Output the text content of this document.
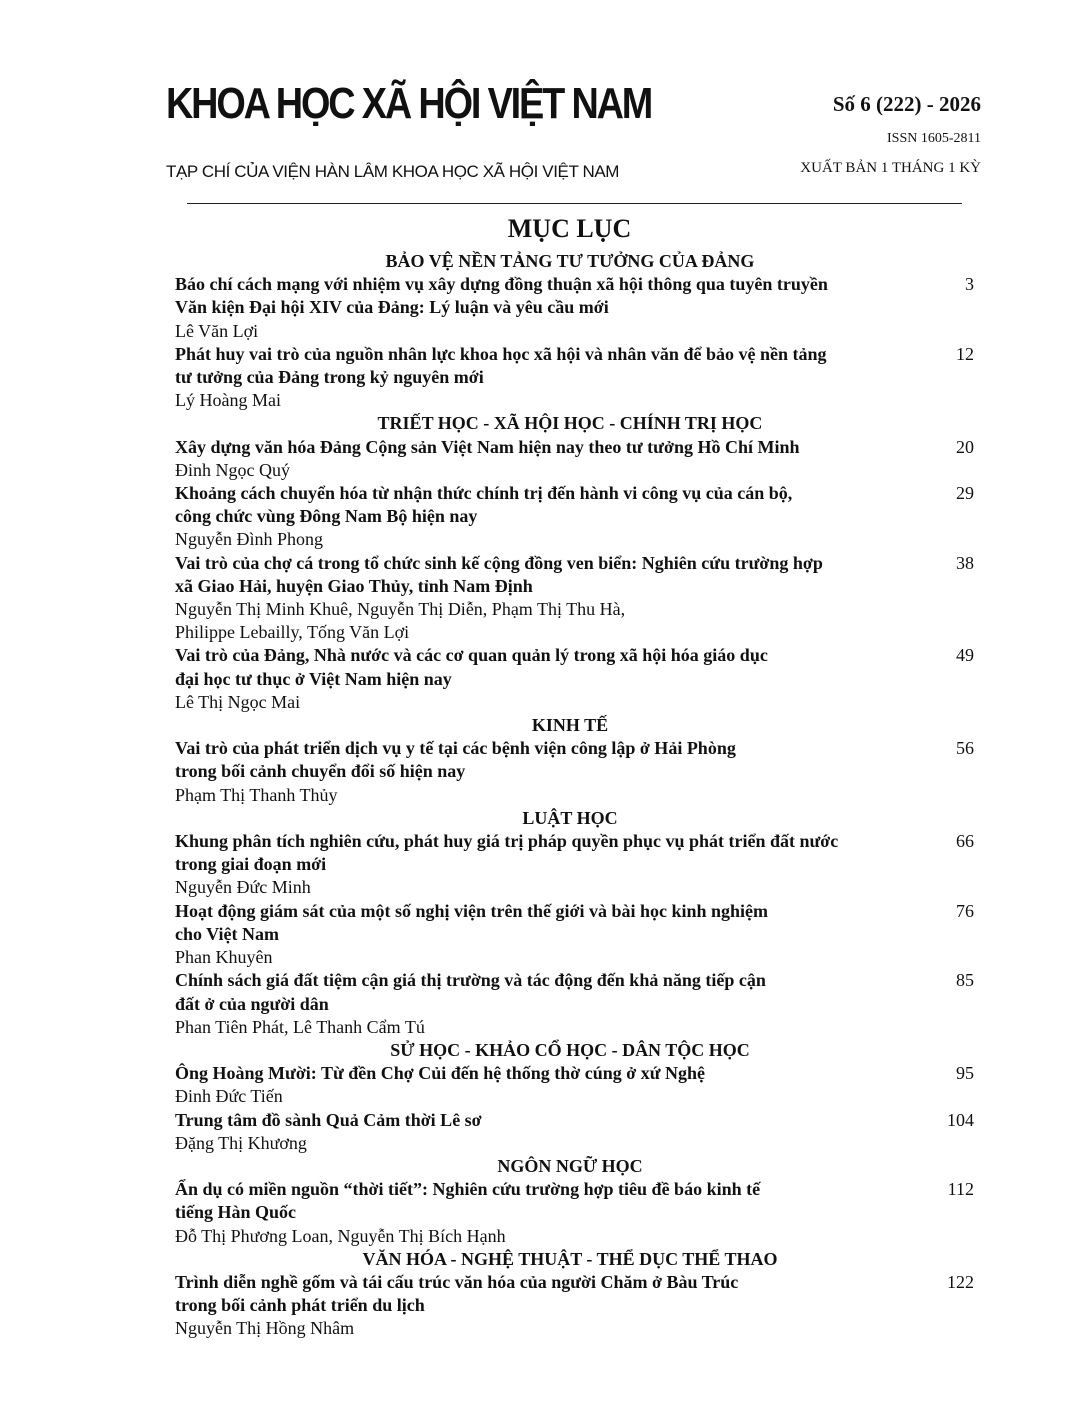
KHOA HỌC XÃ HỘI VIỆT NAM
TẠP CHÍ CỦA VIỆN HÀN LÂM KHOA HỌC XÃ HỘI VIỆT NAM
Số 6 (222) - 2026
ISSN 1605-2811
XUẤT BẢN 1 THÁNG 1 KỲ
MỤC LỤC
BẢO VỆ NỀN TẢNG TƯ TƯỞNG CỦA ĐẢNG
Báo chí cách mạng với nhiệm vụ xây dựng đồng thuận xã hội thông qua tuyên truyền	3
Văn kiện Đại hội XIV của Đảng: Lý luận và yêu cầu mới
Lê Văn Lợi
Phát huy vai trò của nguồn nhân lực khoa học xã hội và nhân văn để bảo vệ nền tảng	12
tư tưởng của Đảng trong kỷ nguyên mới
Lý Hoàng Mai
TRIẾT HỌC - XÃ HỘI HỌC - CHÍNH TRỊ HỌC
Xây dựng văn hóa Đảng Cộng sản Việt Nam hiện nay theo tư tưởng Hồ Chí Minh	20
Đinh Ngọc Quý
Khoảng cách chuyển hóa từ nhận thức chính trị đến hành vi công vụ của cán bộ,	29
công chức vùng Đông Nam Bộ hiện nay
Nguyễn Đình Phong
Vai trò của chợ cá trong tổ chức sinh kế cộng đồng ven biển: Nghiên cứu trường hợp	38
xã Giao Hải, huyện Giao Thủy, tỉnh Nam Định
Nguyễn Thị Minh Khuê, Nguyễn Thị Diễn, Phạm Thị Thu Hà,
Philippe Lebailly, Tống Văn Lợi
Vai trò của Đảng, Nhà nước và các cơ quan quản lý trong xã hội hóa giáo dục	49
đại học tư thục ở Việt Nam hiện nay
Lê Thị Ngọc Mai
KINH TẾ
Vai trò của phát triển dịch vụ y tế tại các bệnh viện công lập ở Hải Phòng	56
trong bối cảnh chuyển đổi số hiện nay
Phạm Thị Thanh Thủy
LUẬT HỌC
Khung phân tích nghiên cứu, phát huy giá trị pháp quyền phục vụ phát triển đất nước	66
trong giai đoạn mới
Nguyễn Đức Minh
Hoạt động giám sát của một số nghị viện trên thế giới và bài học kinh nghiệm	76
cho Việt Nam
Phan Khuyên
Chính sách giá đất tiệm cận giá thị trường và tác động đến khả năng tiếp cận	85
đất ở của người dân
Phan Tiên Phát, Lê Thanh Cẩm Tú
SỬ HỌC - KHẢO CỔ HỌC - DÂN TỘC HỌC
Ông Hoàng Mười: Từ đền Chợ Củi đến hệ thống thờ cúng ở xứ Nghệ	95
Đinh Đức Tiến
Trung tâm đồ sành Quả Cảm thời Lê sơ	104
Đặng Thị Khương
NGÔN NGỮ HỌC
Ẩn dụ có miền nguồn “thời tiết”: Nghiên cứu trường hợp tiêu đề báo kinh tế	112
tiếng Hàn Quốc
Đỗ Thị Phương Loan, Nguyễn Thị Bích Hạnh
VĂN HÓA - NGHỆ THUẬT - THỂ DỤC THỂ THAO
Trình diễn nghề gốm và tái cấu trúc văn hóa của người Chăm ở Bàu Trúc	122
trong bối cảnh phát triển du lịch
Nguyễn Thị Hồng Nhâm
